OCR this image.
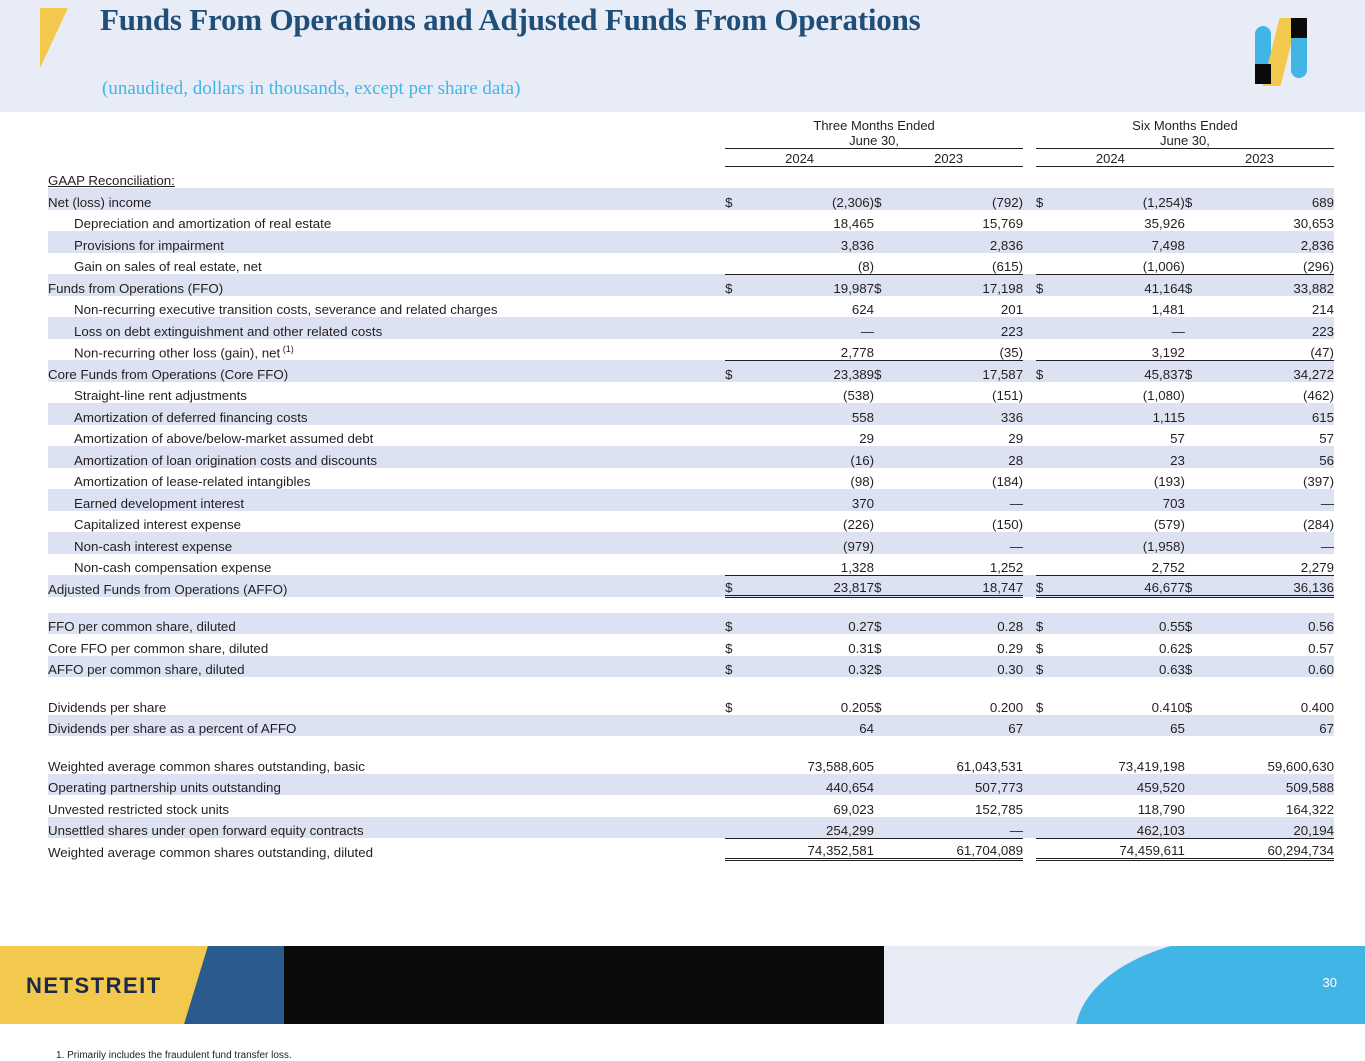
Funds From Operations and Adjusted Funds From Operations
(unaudited, dollars in thousands, except per share data)

Three Months Ended
June 30,

Six Months Ended
June 30,

	2024		2023			2024		2023	
GAAP Reconciliation:									
Net (loss) income	$	(2,306)	$	(792)		$	(1,254)	$	689
Depreciation and amortization of real estate		18,465		15,769			35,926		30,653
Provisions for impairment		3,836		2,836			7,498		2,836
Gain on sales of real estate, net		(8)		(615)			(1,006)		(296)
Funds from Operations (FFO)	$	19,987	$	17,198		$	41,164	$	33,882
Non-recurring executive transition costs, severance and related charges		624		201			1,481		214
Loss on debt extinguishment and other related costs		—		223			—		223
Non-recurring other loss (gain), net $^{(1)}$		2,778		(35)			3,192		(47)
Core Funds from Operations (Core FFO)	$	23,389	$	17,587		$	45,837	$	34,272
Straight-line rent adjustments		(538)		(151)			(1,080)		(462)
Amortization of deferred financing costs		558		336			1,115		615
Amortization of above/below-market assumed debt		29		29			57		57
Amortization of loan origination costs and discounts		(16)		28			23		56
Amortization of lease-related intangibles		(98)		(184)			(193)		(397)
Earned development interest		370		—			703		—
Capitalized interest expense		(226)		(150)			(579)		(284)
Non-cash interest expense		(979)		—			(1,958)		—
Non-cash compensation expense		1,328		1,252			2,752		2,279
Adjusted Funds from Operations (AFFO)	$	23,817	$	18,747		$	46,677	$	36,136

FFO per common share, diluted	$	0.27	$	0.28		$	0.55	$	0.56
Core FFO per common share, diluted	$	0.31	$	0.29		$	0.62	$	0.57
AFFO per common share, diluted	$	0.32	$	0.30		$	0.63	$	0.60

Dividends per share	$	0.205	$	0.200		$	0.410	$	0.400
Dividends per share as a percent of AFFO		64		67			65		67

Weighted average common shares outstanding, basic		73,588,605		61,043,531			73,419,198		59,600,630
Operating partnership units outstanding		440,654		507,773			459,520		509,588
Unvested restricted stock units		69,023		152,785			118,790		164,322
Unsettled shares under open forward equity contracts		254,299		—			462,103		20,194
Weighted average common shares outstanding, diluted		74,352,581		61,704,089			74,459,611		60,294,734
1. Primarily includes the fraudulent fund transfer loss.
NETSTREIT	30
